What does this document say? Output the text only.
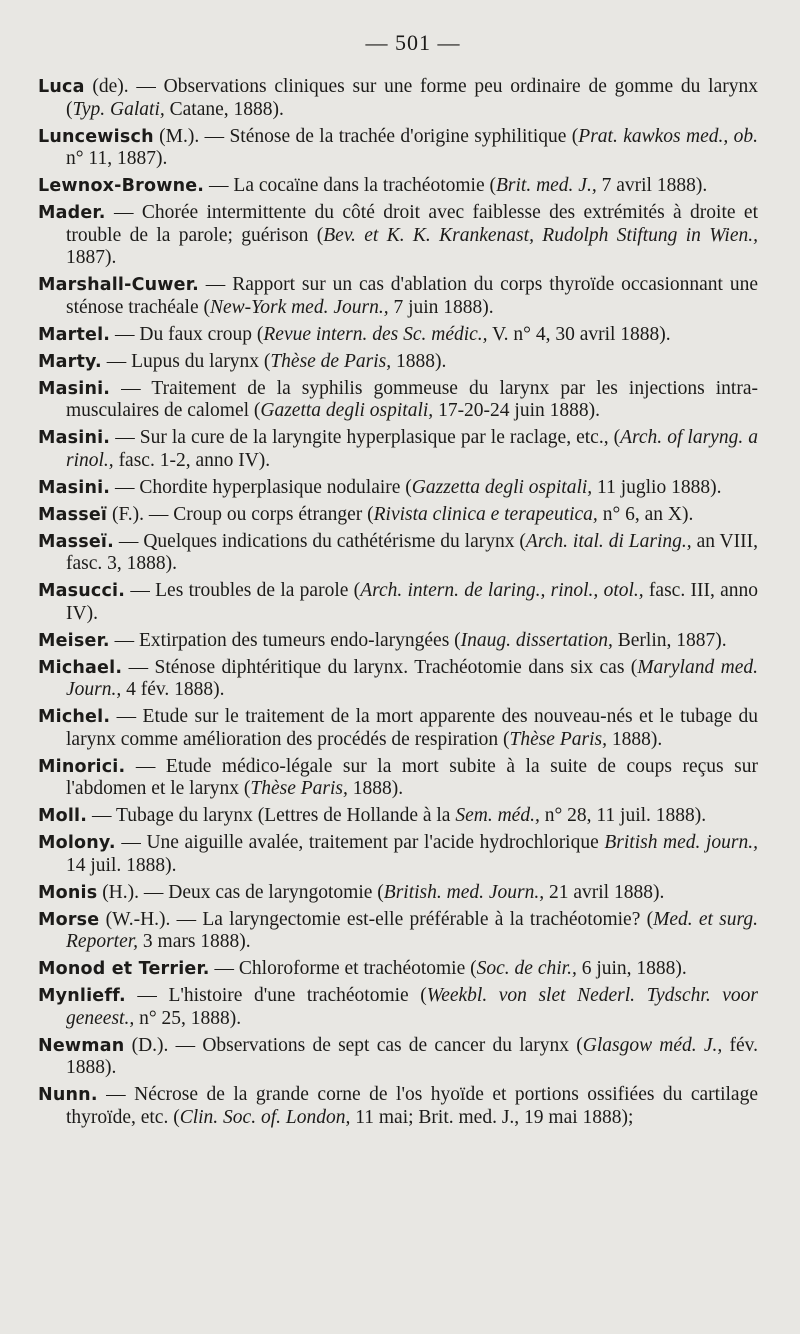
— 501 —
Luca (de). — Observations cliniques sur une forme peu ordinaire de gomme du larynx (Typ. Galati, Catane, 1888).
Luncewisch (M.). — Sténose de la trachée d'origine syphilitique (Prat. kawkos med., ob. n° 11, 1887).
Lewnox-Browne. — La cocaïne dans la trachéotomie (Brit. med. J., 7 avril 1888).
Mader. — Chorée intermittente du côté droit avec faiblesse des extrémités à droite et trouble de la parole; guérison (Bev. et K. K. Krankenast, Rudolph Stiftung in Wien., 1887).
Marshall-Cuwer. — Rapport sur un cas d'ablation du corps thyroïde occasionnant une sténose trachéale (New-York med. Journ., 7 juin 1888).
Martel. — Du faux croup (Revue intern. des Sc. médic., V. n° 4, 30 avril 1888).
Marty. — Lupus du larynx (Thèse de Paris, 1888).
Masini. — Traitement de la syphilis gommeuse du larynx par les injections intra-musculaires de calomel (Gazetta degli ospitali, 17-20-24 juin 1888).
Masini. — Sur la cure de la laryngite hyperplasique par le raclage, etc., (Arch. of laryng. a rinol., fasc. 1-2, anno IV).
Masini. — Chordite hyperplasique nodulaire (Gazzetta degli ospitali, 11 juglio 1888).
Masseï (F.). — Croup ou corps étranger (Rivista clinica e terapeutica, n° 6, an X).
Masseï. — Quelques indications du cathétérisme du larynx (Arch. ital. di Laring., an VIII, fasc. 3, 1888).
Masucci. — Les troubles de la parole (Arch. intern. de laring., rinol., otol., fasc. III, anno IV).
Meiser. — Extirpation des tumeurs endo-laryngées (Inaug. dissertation, Berlin, 1887).
Michael. — Sténose diphtéritique du larynx. Trachéotomie dans six cas (Maryland med. Journ., 4 fév. 1888).
Michel. — Etude sur le traitement de la mort apparente des nouveau-nés et le tubage du larynx comme amélioration des procédés de respiration (Thèse Paris, 1888).
Minorici. — Etude médico-légale sur la mort subite à la suite de coups reçus sur l'abdomen et le larynx (Thèse Paris, 1888).
Moll. — Tubage du larynx (Lettres de Hollande à la Sem. méd., n° 28, 11 juil. 1888).
Molony. — Une aiguille avalée, traitement par l'acide hydrochlorique British med. journ., 14 juil. 1888).
Monis (H.). — Deux cas de laryngotomie (British. med. Journ., 21 avril 1888).
Morse (W.-H.). — La laryngectomie est-elle préférable à la trachéotomie? (Med. et surg. Reporter, 3 mars 1888).
Monod et Terrier. — Chloroforme et trachéotomie (Soc. de chir., 6 juin, 1888).
Mynlieff. — L'histoire d'une trachéotomie (Weekbl. von slet Nederl. Tydschr. voor geneest., n° 25, 1888).
Newman (D.). — Observations de sept cas de cancer du larynx (Glasgow méd. J., fév. 1888).
Nunn. — Nécrose de la grande corne de l'os hyoïde et portions ossifiées du cartilage thyroïde, etc. (Clin. Soc. of. London, 11 mai; Brit. med. J., 19 mai 1888);
